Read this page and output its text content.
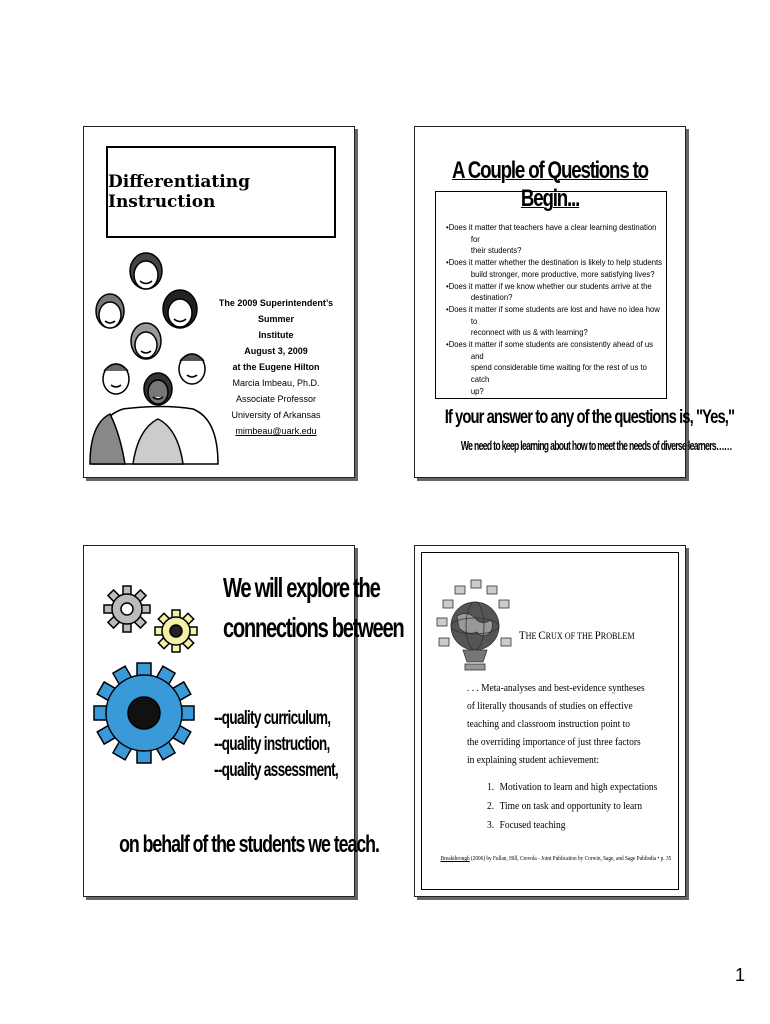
Differentiating Instruction
The 2009 Superintendent’s Summer
Institute
August 3, 2009
at the Eugene Hilton
Marcia Imbeau, Ph.D.
Associate Professor
University of Arkansas
mimbeau@uark.edu
A Couple of Questions to Begin...
•Does it matter that teachers have a clear learning destination for
their students?
•Does it matter whether the destination is likely to help students
build stronger, more productive, more satisfying lives?
•Does it matter if we know whether our students arrive at the
destination?
•Does it matter if some students are lost and have no idea how to
reconnect with us & with learning?
•Does it matter if some students are consistently ahead of us and
spend considerable time waiting for the rest of us to catch
up?
If your answer to any of the questions is, "Yes,"
We need to keep learning about how to meet the needs of diverse learners……
We will explore the
connections between
--quality curriculum,
--quality instruction,
--quality assessment,
on behalf of the students we teach.
THE CRUX OF THE PROBLEM
. . . Meta-analyses and best-evidence syntheses
of literally thousands of studies on effective
teaching and classroom instruction point to
the overriding importance of just three factors
in explaining student achievement:
1. Motivation to learn and high expectations
2. Time on task and opportunity to learn
3. Focused teaching
Breakthrough (2006) by Fullan, Hill, Crevola - Joint Publication by Corwin, Sage, and Sage Publisdia • p. 35
1
